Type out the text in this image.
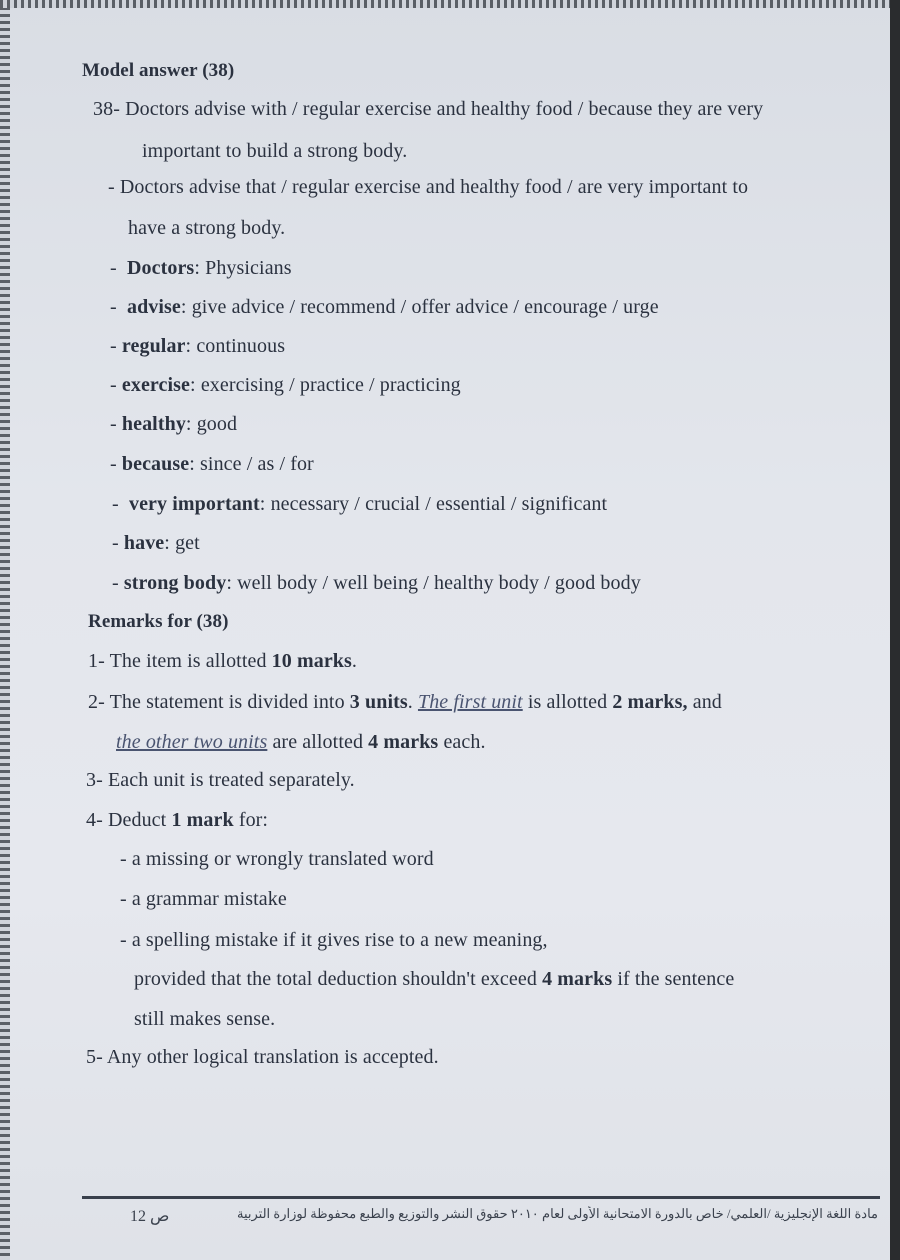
Model answer (38)
38- Doctors advise with / regular exercise and healthy food / because they are very
important to build a strong body.
- Doctors advise that / regular exercise and healthy food / are very important to
have a strong body.
- Doctors: Physicians
- advise: give advice / recommend / offer advice / encourage / urge
- regular: continuous
- exercise: exercising / practice / practicing
- healthy: good
- because: since / as / for
- very important: necessary / crucial / essential / significant
- have: get
- strong body: well body / well being / healthy body / good body
Remarks for (38)
1- The item is allotted 10 marks.
2- The statement is divided into 3 units. The first unit is allotted 2 marks, and
the other two units are allotted 4 marks each.
3- Each unit is treated separately.
4- Deduct 1 mark for:
- a missing or wrongly translated word
- a grammar mistake
- a spelling mistake if it gives rise to a new meaning,
provided that the total deduction shouldn't exceed 4 marks if the sentence
still makes sense.
5- Any other logical translation is accepted.
ص 12	مادة اللغة الإنجليزية /العلمي/ خاص بالدورة الامتحانية الأولى لعام ٢٠١٠ حقوق النشر والتوزيع والطبع محفوظة لوزارة التربية
